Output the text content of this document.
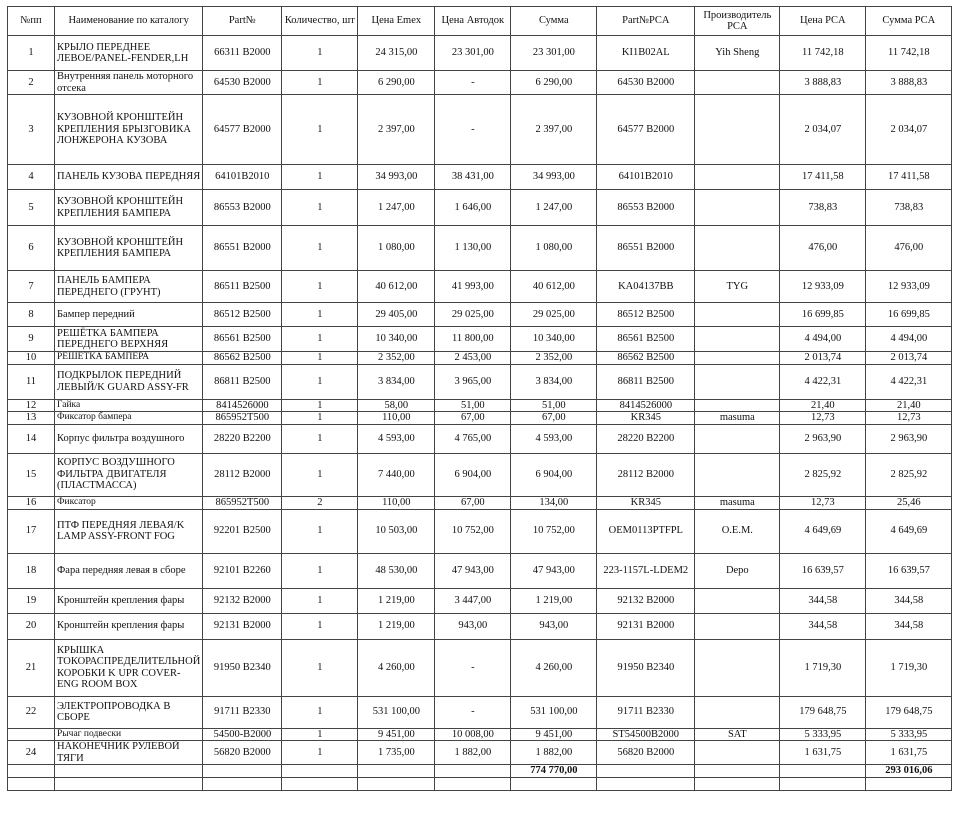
№пп	Наименование по каталогу	Part№	Количество, шт	Цена Emex	Цена Автодок	Сумма	Part№PCA	Производитель PCA	Цена PCA	Сумма PCA
1	КРЫЛО ПЕРЕДНЕЕ ЛЕВОЕ/PANEL-FENDER,LH	66311 B2000	1	24 315,00	23 301,00	23 301,00	KI1B02AL	Yih Sheng	11 742,18	11 742,18
2	Внутренняя панель моторного отсека	64530 B2000	1	6 290,00	-	6 290,00	64530 B2000		3 888,83	3 888,83
3	КУЗОВНОЙ КРОНШТЕЙН КРЕПЛЕНИЯ БРЫЗГОВИКА ЛОНЖЕРОНА КУЗОВА	64577 B2000	1	2 397,00	-	2 397,00	64577 B2000		2 034,07	2 034,07
4	ПАНЕЛЬ КУЗОВА ПЕРЕДНЯЯ	64101B2010	1	34 993,00	38 431,00	34 993,00	64101B2010		17 411,58	17 411,58
5	КУЗОВНОЙ КРОНШТЕЙН КРЕПЛЕНИЯ БАМПЕРА	86553 B2000	1	1 247,00	1 646,00	1 247,00	86553 B2000		738,83	738,83
6	КУЗОВНОЙ КРОНШТЕЙН КРЕПЛЕНИЯ БАМПЕРА	86551 B2000	1	1 080,00	1 130,00	1 080,00	86551 B2000		476,00	476,00
7	ПАНЕЛЬ БАМПЕРА ПЕРЕДНЕГО (ГРУНТ)	86511 B2500	1	40 612,00	41 993,00	40 612,00	KA04137BB	TYG	12 933,09	12 933,09
8	Бампер передний	86512 B2500	1	29 405,00	29 025,00	29 025,00	86512 B2500		16 699,85	16 699,85
9	РЕШЁТКА БАМПЕРА ПЕРЕДНЕГО ВЕРХНЯЯ	86561 B2500	1	10 340,00	11 800,00	10 340,00	86561 B2500		4 494,00	4 494,00
10	РЕШЕТКА БАМПЕРА	86562 B2500	1	2 352,00	2 453,00	2 352,00	86562 B2500		2 013,74	2 013,74
11	ПОДКРЫЛОК ПЕРЕДНИЙ ЛЕВЫЙ/K GUARD ASSY-FR	86811 B2500	1	3 834,00	3 965,00	3 834,00	86811 B2500		4 422,31	4 422,31
12	Гайка	8414526000	1	58,00	51,00	51,00	8414526000		21,40	21,40
13	Фиксатор бампера	865952T500	1	110,00	67,00	67,00	KR345	masuma	12,73	12,73
14	Корпус фильтра воздушного	28220 B2200	1	4 593,00	4 765,00	4 593,00	28220 B2200		2 963,90	2 963,90
15	КОРПУС ВОЗДУШНОГО ФИЛЬТРА ДВИГАТЕЛЯ (ПЛАСТМАССА)	28112 B2000	1	7 440,00	6 904,00	6 904,00	28112 B2000		2 825,92	2 825,92
16	Фиксатор	865952T500	2	110,00	67,00	134,00	KR345	masuma	12,73	25,46
17	ПТФ ПЕРЕДНЯЯ ЛЕВАЯ/K LAMP ASSY-FRONT FOG	92201 B2500	1	10 503,00	10 752,00	10 752,00	OEM0113PTFPL	O.E.M.	4 649,69	4 649,69
18	Фара передняя левая в сборе	92101 B2260	1	48 530,00	47 943,00	47 943,00	223-1157L-LDEM2	Depo	16 639,57	16 639,57
19	Кронштейн крепления фары	92132 B2000	1	1 219,00	3 447,00	1 219,00	92132 B2000		344,58	344,58
20	Кронштейн крепления фары	92131 B2000	1	1 219,00	943,00	943,00	92131 B2000		344,58	344,58
21	КРЫШКА ТОКОРАСПРЕДЕЛИТЕЛЬНОЙ КОРОБКИ K UPR COVER-ENG ROOM BOX	91950 B2340	1	4 260,00	-	4 260,00	91950 B2340		1 719,30	1 719,30
22	ЭЛЕКТРОПРОВОДКА В СБОРЕ	91711 B2330	1	531 100,00	-	531 100,00	91711 B2330		179 648,75	179 648,75
	Рычаг подвески	54500-B2000	1	9 451,00	10 008,00	9 451,00	ST54500B2000	SAT	5 333,95	5 333,95
24	НАКОНЕЧНИК РУЛЕВОЙ ТЯГИ	56820 B2000	1	1 735,00	1 882,00	1 882,00	56820 B2000		1 631,75	1 631,75
						774 770,00				293 016,06
